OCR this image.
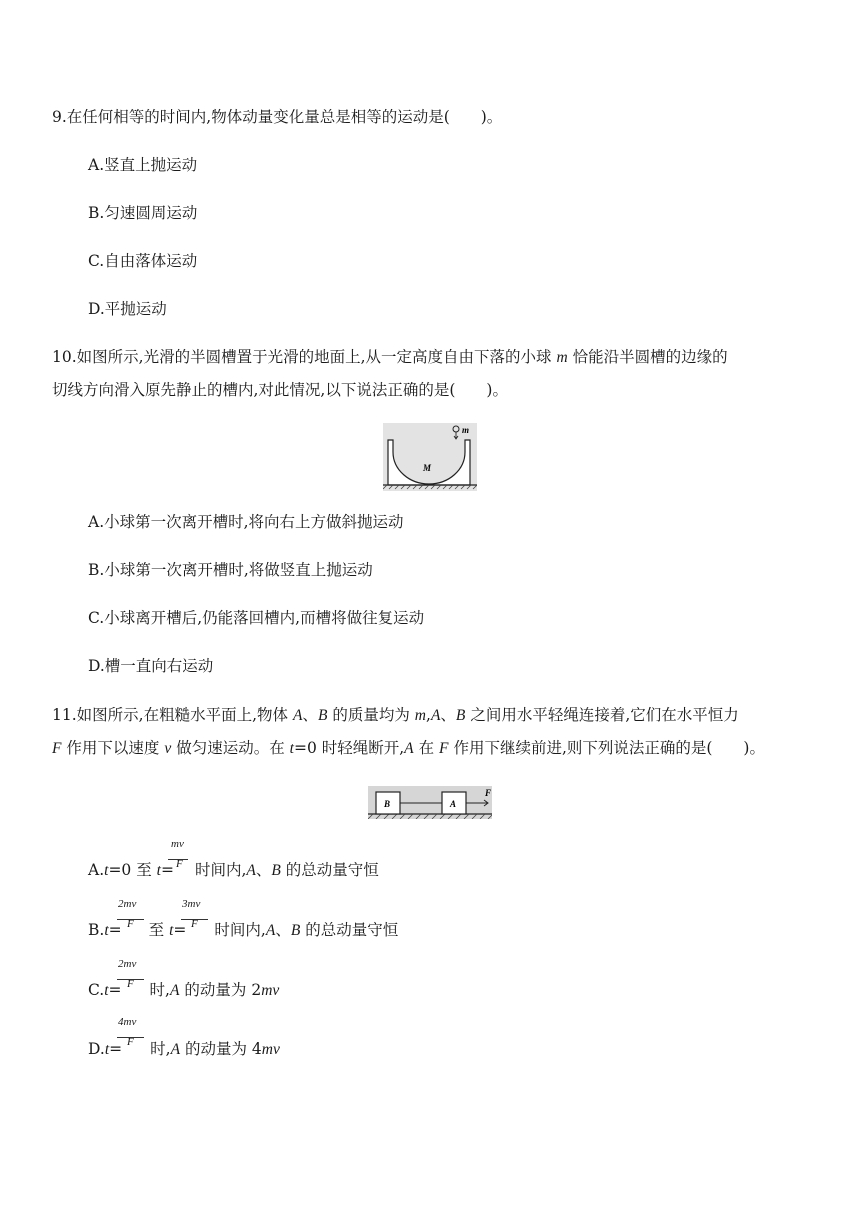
9.在任何相等的时间内,物体动量变化量总是相等的运动是(　　)。
A.竖直上抛运动
B.匀速圆周运动
C.自由落体运动
D.平抛运动
10.如图所示,光滑的半圆槽置于光滑的地面上,从一定高度自由下落的小球 m 恰能沿半圆槽的边缘的
切线方向滑入原先静止的槽内,对此情况,以下说法正确的是(　　)。
m
M
A.小球第一次离开槽时,将向右上方做斜抛运动
B.小球第一次离开槽时,将做竖直上抛运动
C.小球离开槽后,仍能落回槽内,而槽将做往复运动
D.槽一直向右运动
11.如图所示,在粗糙水平面上,物体 A、B 的质量均为 m,A、B 之间用水平轻绳连接着,它们在水平恒力
F 作用下以速度 v 做匀速运动。在 t=0 时轻绳断开,A 在 F 作用下继续前进,则下列说法正确的是(　　)。
B	A
F
mv
F
A.t=0 至 t= 时间内,A、B 的总动量守恒
2mv
F
3mv
F
B.t= 至 t= 时间内,A、B 的总动量守恒
2mv
F
C.t= 时,A 的动量为 2mv
4mv
F
D.t= 时,A 的动量为 4mv
